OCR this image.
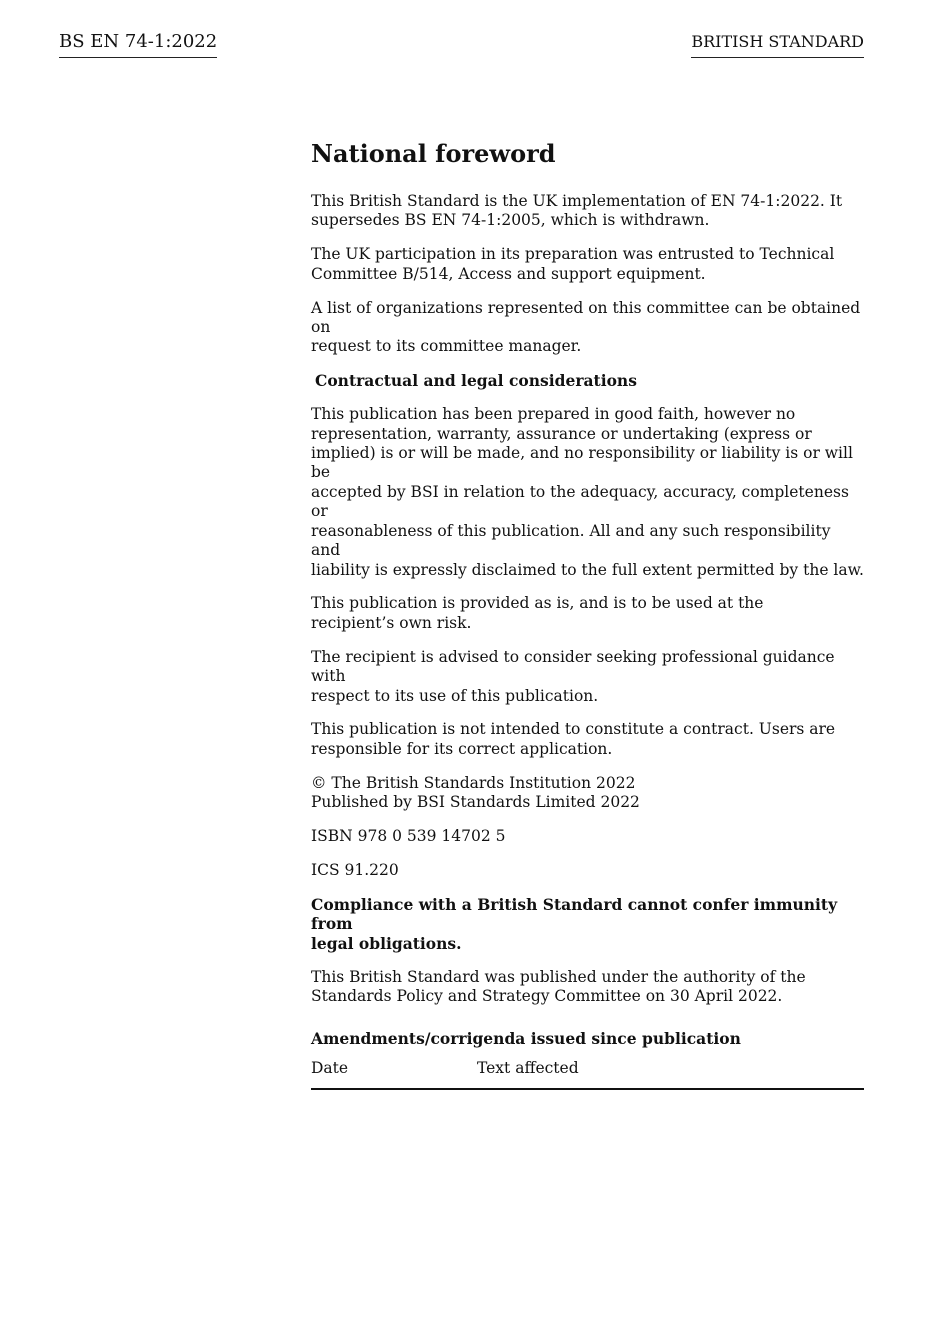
BS EN 74-1:2022	BRITISH STANDARD
National foreword
This British Standard is the UK implementation of EN 74-1:2022. It
supersedes BS EN 74-1:2005, which is withdrawn.
The UK participation in its preparation was entrusted to Technical
Committee B/514, Access and support equipment.
A list of organizations represented on this committee can be obtained on
request to its committee manager.
Contractual and legal considerations
This publication has been prepared in good faith, however no
representation, warranty, assurance or undertaking (express or
implied) is or will be made, and no responsibility or liability is or will be
accepted by BSI in relation to the adequacy, accuracy, completeness or
reasonableness of this publication. All and any such responsibility and
liability is expressly disclaimed to the full extent permitted by the law.
This publication is provided as is, and is to be used at the
recipient’s own risk.
The recipient is advised to consider seeking professional guidance with
respect to its use of this publication.
This publication is not intended to constitute a contract. Users are
responsible for its correct application.
© The British Standards Institution 2022
Published by BSI Standards Limited 2022
ISBN 978 0 539 14702 5
ICS 91.220
Compliance with a British Standard cannot confer immunity from
legal obligations.
This British Standard was published under the authority of the
Standards Policy and Strategy Committee on 30 April 2022.
Amendments/corrigenda issued since publication
Date	Text affected
